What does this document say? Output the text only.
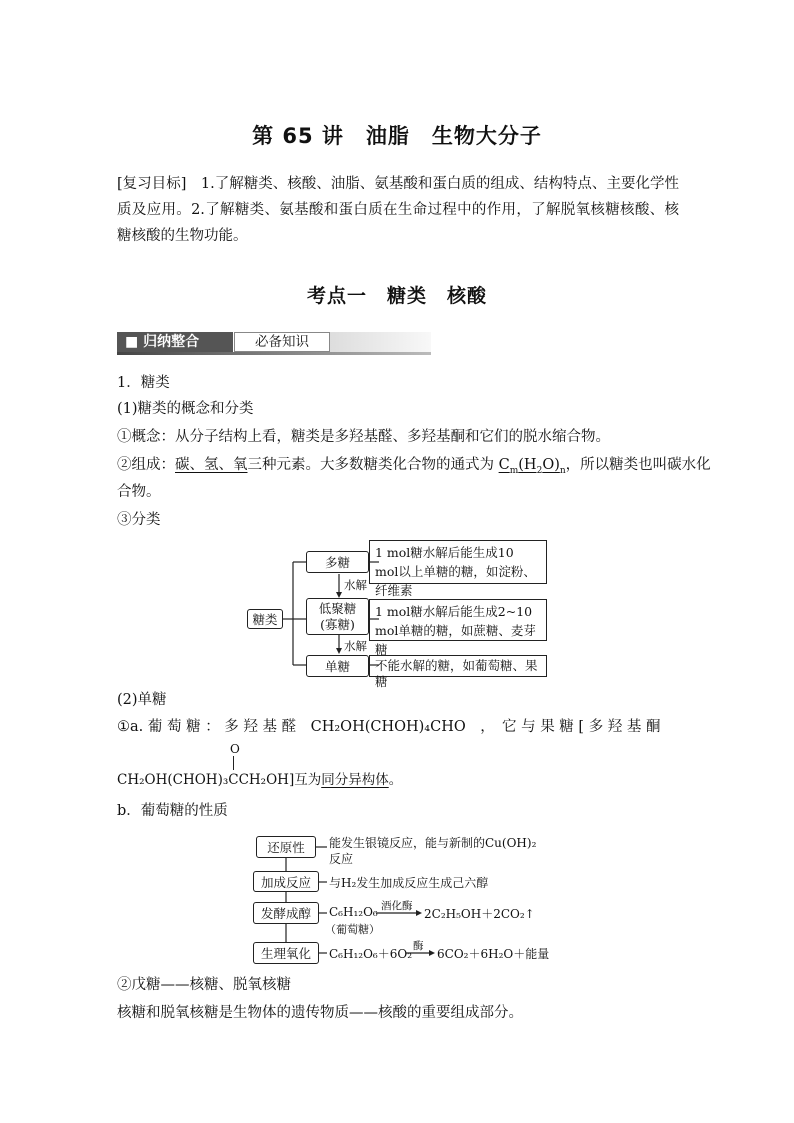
第 65 讲　油脂　生物大分子
[复习目标]　1.了解糖类、核酸、油脂、氨基酸和蛋白质的组成、结构特点、主要化学性质及应用。2.了解糖类、氨基酸和蛋白质在生命过程中的作用，了解脱氧核糖核酸、核糖核酸的生物功能。
考点一　糖类　核酸
■ 归纳整合	必备知识
1．糖类
(1)糖类的概念和分类
①概念：从分子结构上看，糖类是多羟基醛、多羟基酮和它们的脱水缩合物。
②组成：碳、氢、氧三种元素。大多数糖类化合物的通式为 $C_m(H_2O)_n$，所以糖类也叫碳水化
合物。
③分类
糖类
多糖
低聚糖
(寡糖)
单糖
水解
水解
1 mol糖水解后能生成10 mol以上单糖的糖，如淀粉、纤维素
1 mol糖水解后能生成2~10 mol单糖的糖，如蔗糖、麦芽糖
不能水解的糖，如葡萄糖、果糖
(2)单糖
①a. 葡 萄 糖 ： 多 羟 基 醛　CH₂OH(CHOH)₄CHO　，　它 与 果 糖 [ 多 羟 基 酮
O
CH₂OH(CHOH)₃CCH₂OH]互为同分异构体。
b．葡萄糖的性质
还原性
加成反应
发酵成醇
生理氧化
能发生银镜反应，能与新制的Cu(OH)₂
反应
与H₂发生加成反应生成己六醇
C₆H₁₂O₆ 酒化酶
2C₂H₅OH＋2CO₂↑
（葡萄糖）
C₆H₁₂O₆＋6O₂
酶
6CO₂＋6H₂O＋能量
②戊糖——核糖、脱氧核糖
核糖和脱氧核糖是生物体的遗传物质——核酸的重要组成部分。
